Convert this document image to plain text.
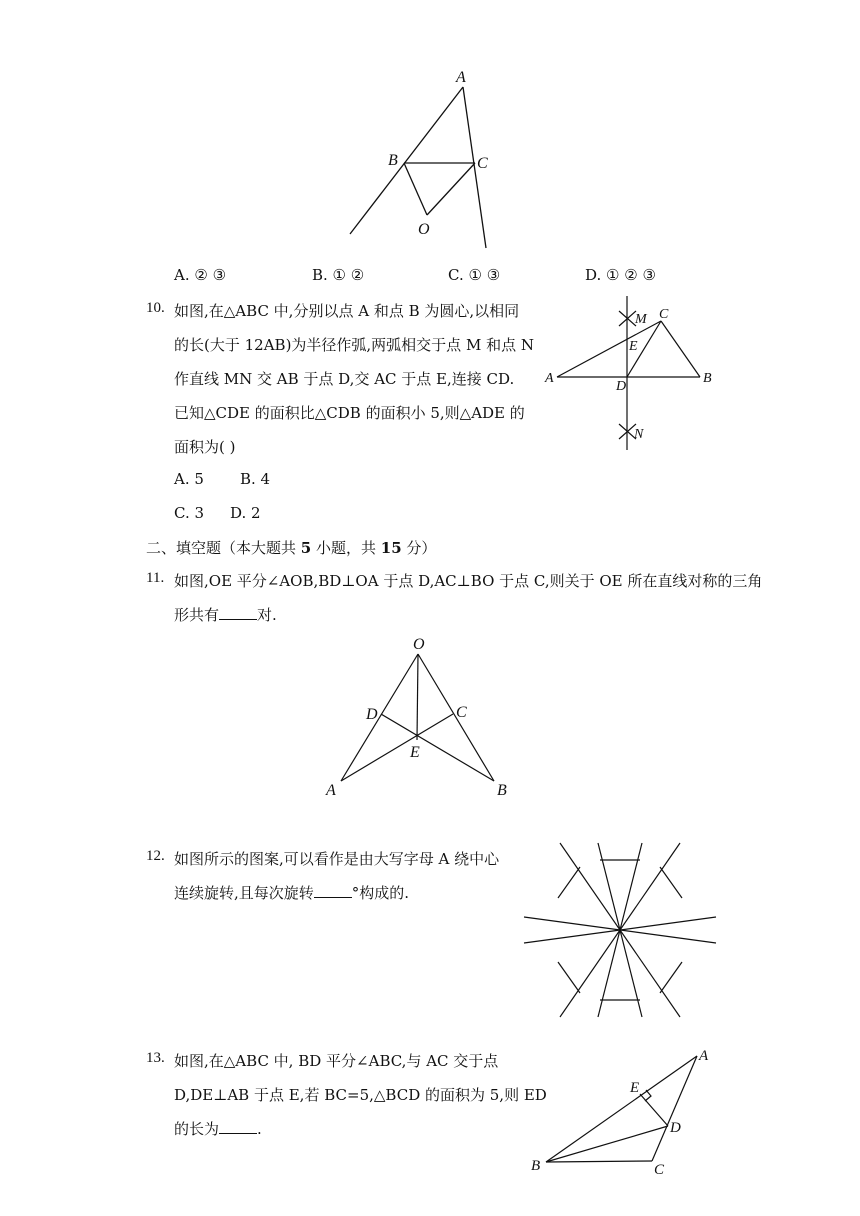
A
B	C
O
A. ② ③	B. ① ②	C. ① ③	D. ① ② ③
10. 如图,在△ABC 中,分别以点 A 和点 B 为圆心,以相同
的长(大于 12AB)为半径作弧,两弧相交于点 M 和点 N
作直线 MN 交 AB 于点 D,交 AC 于点 E,连接 CD.
已知△CDE 的面积比△CDB 的面积小 5,则△ADE 的
面积为( )
A. 5 B. 4
C. 3 D. 2
M C
E
A
D
B
N
二、填空题（本大题共 5 小题，共 15 分）
11. 如图,OE 平分∠AOB,BD⊥OA 于点 D,AC⊥BO 于点 C,则关于 OE 所在直线对称的三角
形共有	对.
O
D	C
E
A	B
12. 如图所示的图案,可以看作是由大写字母 A 绕中心
连续旋转,且每次旋转	°构成的.
13. 如图,在△ABC 中, BD 平分∠ABC,与 AC 交于点
D,DE⊥AB 于点 E,若 BC=5,△BCD 的面积为 5,则 ED
的长为	.
A
E
D
B	C
